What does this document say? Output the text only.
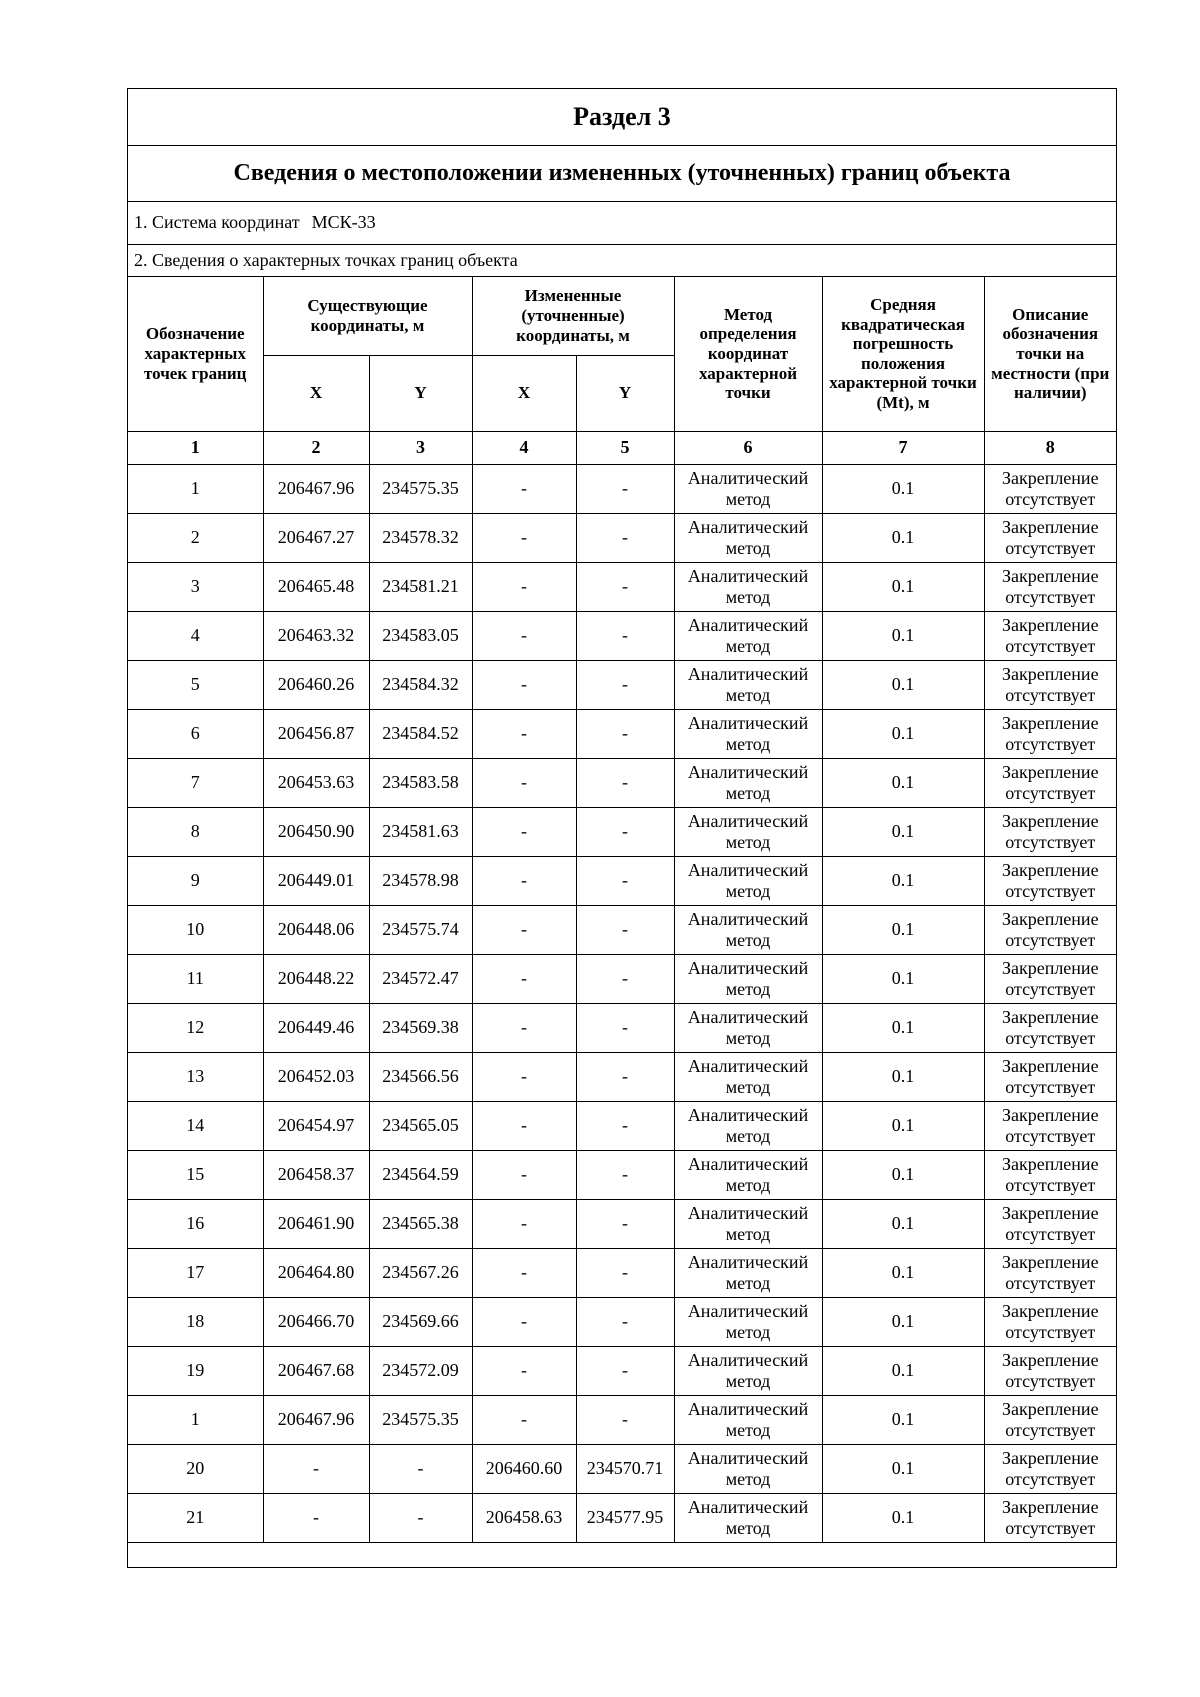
Раздел 3
Сведения о местоположении измененных (уточненных) границ объекта
1. Система координат МСК-33
2. Сведения о характерных точках границ объекта
Обозначение характерных точек границ	Существующие координаты, м		Измененные (уточненные) координаты, м		Метод определения координат характерной точки	Средняя квадратическая погрешность положения характерной точки (Mt), м	Описание обозначения точки на местности (при наличии)
	X	Y	X	Y			
1	2	3	4	5	6	7	8
1	206467.96	234575.35	-	-	Аналитический метод	0.1	Закрепление отсутствует
2	206467.27	234578.32	-	-	Аналитический метод	0.1	Закрепление отсутствует
3	206465.48	234581.21	-	-	Аналитический метод	0.1	Закрепление отсутствует
4	206463.32	234583.05	-	-	Аналитический метод	0.1	Закрепление отсутствует
5	206460.26	234584.32	-	-	Аналитический метод	0.1	Закрепление отсутствует
6	206456.87	234584.52	-	-	Аналитический метод	0.1	Закрепление отсутствует
7	206453.63	234583.58	-	-	Аналитический метод	0.1	Закрепление отсутствует
8	206450.90	234581.63	-	-	Аналитический метод	0.1	Закрепление отсутствует
9	206449.01	234578.98	-	-	Аналитический метод	0.1	Закрепление отсутствует
10	206448.06	234575.74	-	-	Аналитический метод	0.1	Закрепление отсутствует
11	206448.22	234572.47	-	-	Аналитический метод	0.1	Закрепление отсутствует
12	206449.46	234569.38	-	-	Аналитический метод	0.1	Закрепление отсутствует
13	206452.03	234566.56	-	-	Аналитический метод	0.1	Закрепление отсутствует
14	206454.97	234565.05	-	-	Аналитический метод	0.1	Закрепление отсутствует
15	206458.37	234564.59	-	-	Аналитический метод	0.1	Закрепление отсутствует
16	206461.90	234565.38	-	-	Аналитический метод	0.1	Закрепление отсутствует
17	206464.80	234567.26	-	-	Аналитический метод	0.1	Закрепление отсутствует
18	206466.70	234569.66	-	-	Аналитический метод	0.1	Закрепление отсутствует
19	206467.68	234572.09	-	-	Аналитический метод	0.1	Закрепление отсутствует
1	206467.96	234575.35	-	-	Аналитический метод	0.1	Закрепление отсутствует
20	-	-	206460.60	234570.71	Аналитический метод	0.1	Закрепление отсутствует
21	-	-	206458.63	234577.95	Аналитический метод	0.1	Закрепление отсутствует
